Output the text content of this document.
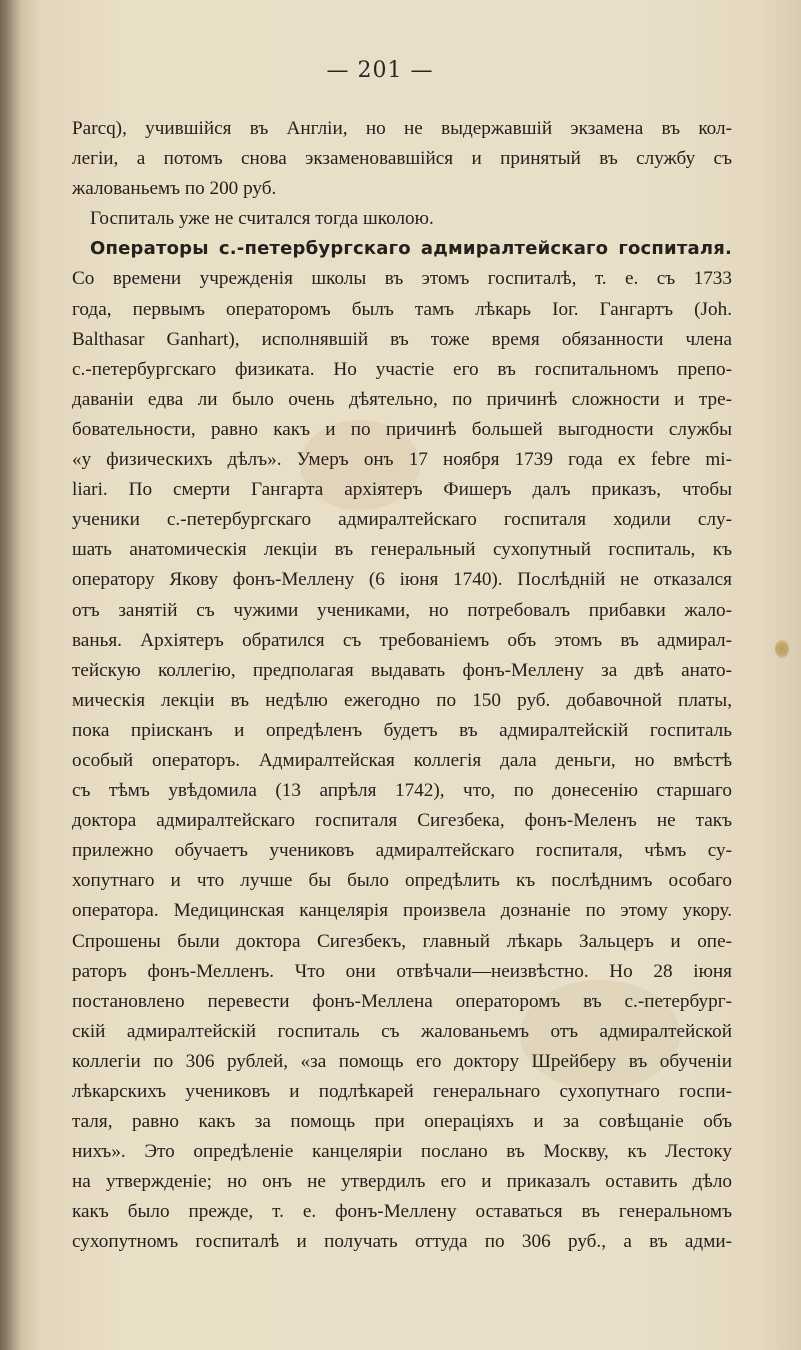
— 201 —
Parcq), учившійся въ Англіи, но не выдержавшій экзамена въ кол-
легіи, а потомъ снова экзаменовавшійся и принятый въ службу съ
жалованьемъ по 200 руб.
Госпиталь уже не считался тогда школою.
Операторы с.-петербургскаго адмиралтейскаго госпиталя.
Со времени учрежденія школы въ этомъ госпиталѣ, т. е. съ 1733
года, первымъ операторомъ былъ тамъ лѣкарь Іог. Гангартъ (Joh.
Balthasar Ganhart), исполнявшій въ тоже время обязанности члена
с.-петербургскаго физиката. Но участіе его въ госпитальномъ препо-
даваніи едва ли было очень дѣятельно, по причинѣ сложности и тре-
бовательности, равно какъ и по причинѣ большей выгодности службы
«у физическихъ дѣлъ». Умеръ онъ 17 ноября 1739 года ех febre mi-
liari. По смерти Гангарта архіятеръ Фишеръ далъ приказъ, чтобы
ученики с.-петербургскаго адмиралтейскаго госпиталя ходили слу-
шать анатомическія лекціи въ генеральный сухопутный госпиталь, къ
оператору Якову фонъ-Меллену (6 іюня 1740). Послѣдній не отказался
отъ занятій съ чужими учениками, но потребовалъ прибавки жало-
ванья. Архіятеръ обратился съ требованіемъ объ этомъ въ адмирал-
тейскую коллегію, предполагая выдавать фонъ-Меллену за двѣ анато-
мическія лекціи въ недѣлю ежегодно по 150 руб. добавочной платы,
пока пріисканъ и опредѣленъ будетъ въ адмиралтейскій госпиталь
особый операторъ. Адмиралтейская коллегія дала деньги, но вмѣстѣ
съ тѣмъ увѣдомила (13 апрѣля 1742), что, по донесенію старшаго
доктора адмиралтейскаго госпиталя Сигезбека, фонъ-Меленъ не такъ
прилежно обучаетъ учениковъ адмиралтейскаго госпиталя, чѣмъ су-
хопутнаго и что лучше бы было опредѣлить къ послѣднимъ особаго
оператора. Медицинская канцелярія произвела дознаніе по этому укору.
Спрошены были доктора Сигезбекъ, главный лѣкарь Зальцеръ и опе-
раторъ фонъ-Мелленъ. Что они отвѣчали—неизвѣстно. Но 28 іюня
постановлено перевести фонъ-Меллена операторомъ въ с.-петербург-
скій адмиралтейскій госпиталь съ жалованьемъ отъ адмиралтейской
коллегіи по 306 рублей, «за помощь его доктору Шрейберу въ обученіи
лѣкарскихъ учениковъ и подлѣкарей генеральнаго сухопутнаго госпи-
таля, равно какъ за помощь при операціяхъ и за совѣщаніе объ
нихъ». Это опредѣленіе канцеляріи послано въ Москву, къ Лестоку
на утвержденіе; но онъ не утвердилъ его и приказалъ оставить дѣло
какъ было прежде, т. е. фонъ-Меллену оставаться въ генеральномъ
сухопутномъ госпиталѣ и получать оттуда по 306 руб., а въ адми-
